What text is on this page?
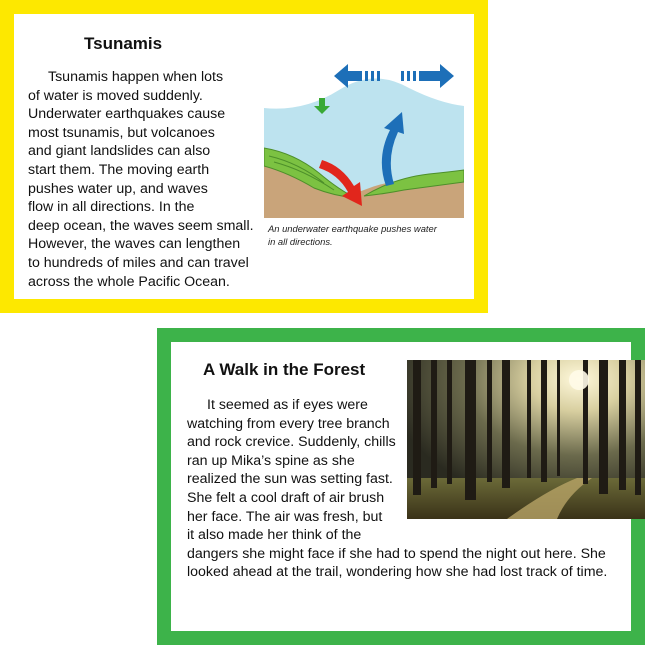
Tsunamis
Tsunamis happen when lots
of water is moved suddenly.
Underwater earthquakes cause
most tsunamis, but volcanoes
and giant landslides can also
start them. The moving earth
pushes water up, and waves
flow in all directions. In the
deep ocean, the waves seem small.
However, the waves can lengthen
to hundreds of miles and can travel
across the whole Pacific Ocean.
An underwater earthquake pushes water
in all directions.
A Walk in the Forest
It seemed as if eyes were
watching from every tree branch
and rock crevice. Suddenly, chills
ran up Mika’s spine as she
realized the sun was setting fast.
She felt a cool draft of air brush
her face. The air was fresh, but
it also made her think of the
dangers she might face if she had to spend the night out here. She
looked ahead at the trail, wondering how she had lost track of time.
